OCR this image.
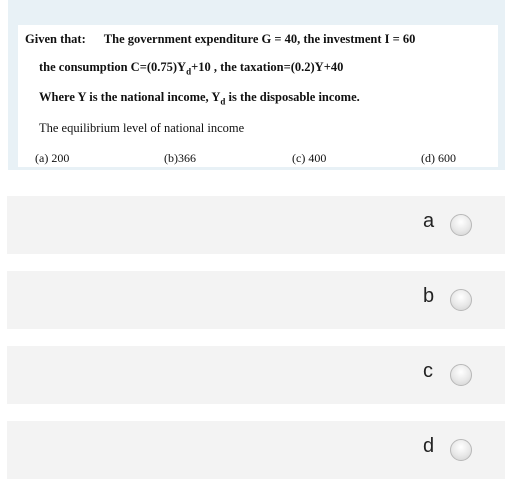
Given that: The government expenditure G = 40, the investment I = 60
the consumption $C=(0.75)Y_d+10$ , the taxation=(0.2)Y+40
Where Y is the national income, $Y_d$ is the disposable income.
The equilibrium level of national income
(a) 200	(b)366	(c) 400	(d) 600
a
b
c
d
